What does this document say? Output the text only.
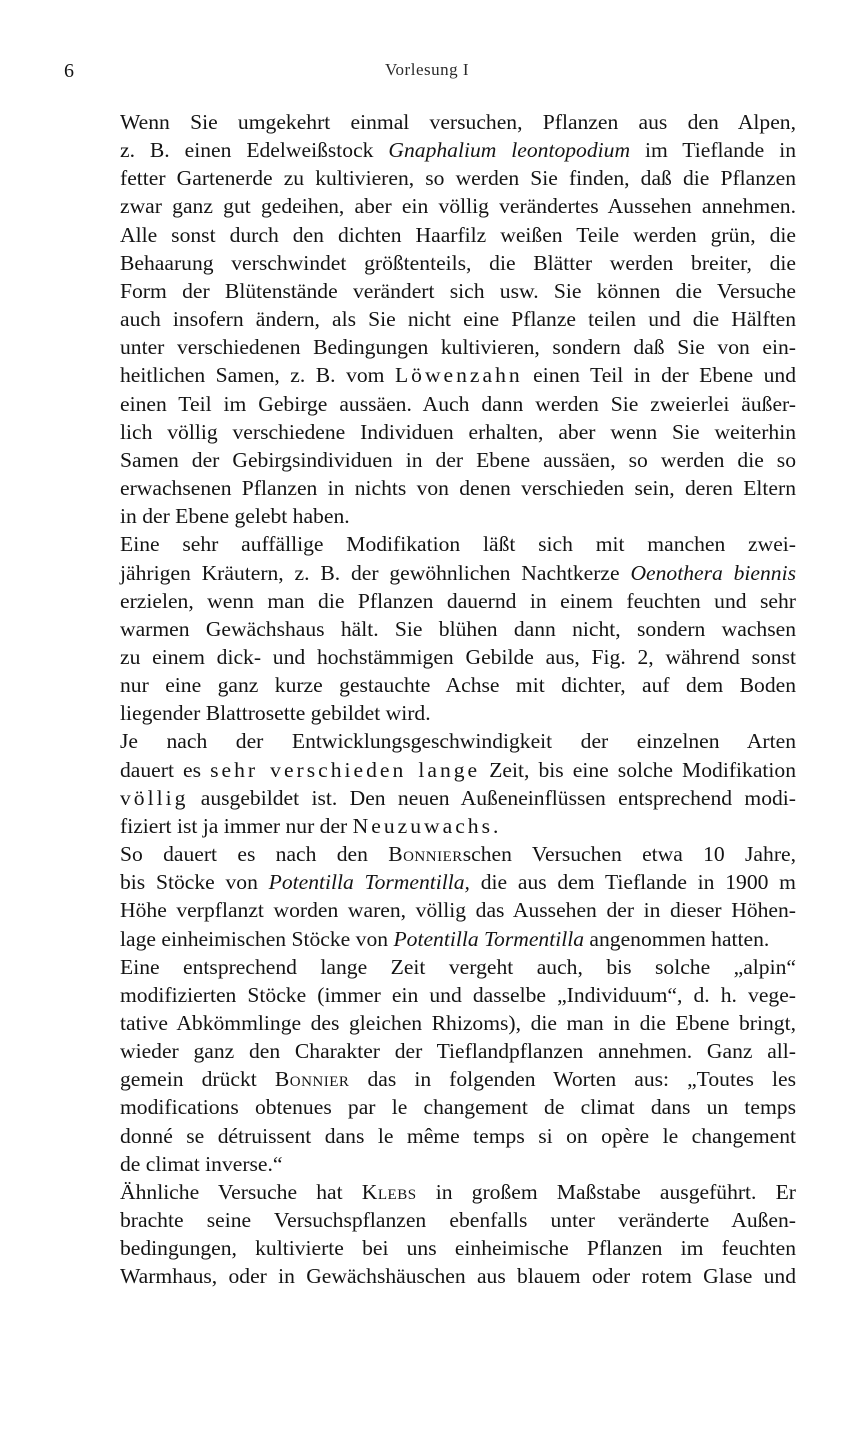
6	Vorlesung I

Wenn Sie umgekehrt einmal versuchen, Pflanzen aus den Alpen,
z. B. einen Edelweißstock Gnaphalium leontopodium im Tieflande in
fetter Gartenerde zu kultivieren, so werden Sie finden, daß die Pflanzen
zwar ganz gut gedeihen, aber ein völlig verändertes Aussehen annehmen.
Alle sonst durch den dichten Haarfilz weißen Teile werden grün, die
Behaarung verschwindet größtenteils, die Blätter werden breiter, die
Form der Blütenstände verändert sich usw. Sie können die Versuche
auch insofern ändern, als Sie nicht eine Pflanze teilen und die Hälften
unter verschiedenen Bedingungen kultivieren, sondern daß Sie von ein-
heitlichen Samen, z. B. vom Löwenzahn einen Teil in der Ebene und
einen Teil im Gebirge aussäen. Auch dann werden Sie zweierlei äußer-
lich völlig verschiedene Individuen erhalten, aber wenn Sie weiterhin
Samen der Gebirgsindividuen in der Ebene aussäen, so werden die so
erwachsenen Pflanzen in nichts von denen verschieden sein, deren Eltern
in der Ebene gelebt haben.

Eine sehr auffällige Modifikation läßt sich mit manchen zwei-
jährigen Kräutern, z. B. der gewöhnlichen Nachtkerze Oenothera biennis
erzielen, wenn man die Pflanzen dauernd in einem feuchten und sehr
warmen Gewächshaus hält. Sie blühen dann nicht, sondern wachsen
zu einem dick- und hochstämmigen Gebilde aus, Fig. 2, während sonst
nur eine ganz kurze gestauchte Achse mit dichter, auf dem Boden
liegender Blattrosette gebildet wird.

Je nach der Entwicklungsgeschwindigkeit der einzelnen Arten
dauert es sehr verschieden lange Zeit, bis eine solche Modifikation
völlig ausgebildet ist. Den neuen Außeneinflüssen entsprechend modi-
fiziert ist ja immer nur der Neuzuwachs.

So dauert es nach den Bonnierschen Versuchen etwa 10 Jahre,
bis Stöcke von Potentilla Tormentilla, die aus dem Tieflande in 1900 m
Höhe verpflanzt worden waren, völlig das Aussehen der in dieser Höhen-
lage einheimischen Stöcke von Potentilla Tormentilla angenommen hatten.

Eine entsprechend lange Zeit vergeht auch, bis solche „alpin“
modifizierten Stöcke (immer ein und dasselbe „Individuum“, d. h. vege-
tative Abkömmlinge des gleichen Rhizoms), die man in die Ebene bringt,
wieder ganz den Charakter der Tieflandpflanzen annehmen. Ganz all-
gemein drückt Bonnier das in folgenden Worten aus: „Toutes les
modifications obtenues par le changement de climat dans un temps
donné se détruissent dans le même temps si on opère le changement
de climat inverse.“

Ähnliche Versuche hat Klebs in großem Maßstabe ausgeführt. Er
brachte seine Versuchspflanzen ebenfalls unter veränderte Außen-
bedingungen, kultivierte bei uns einheimische Pflanzen im feuchten
Warmhaus, oder in Gewächshäuschen aus blauem oder rotem Glase und
